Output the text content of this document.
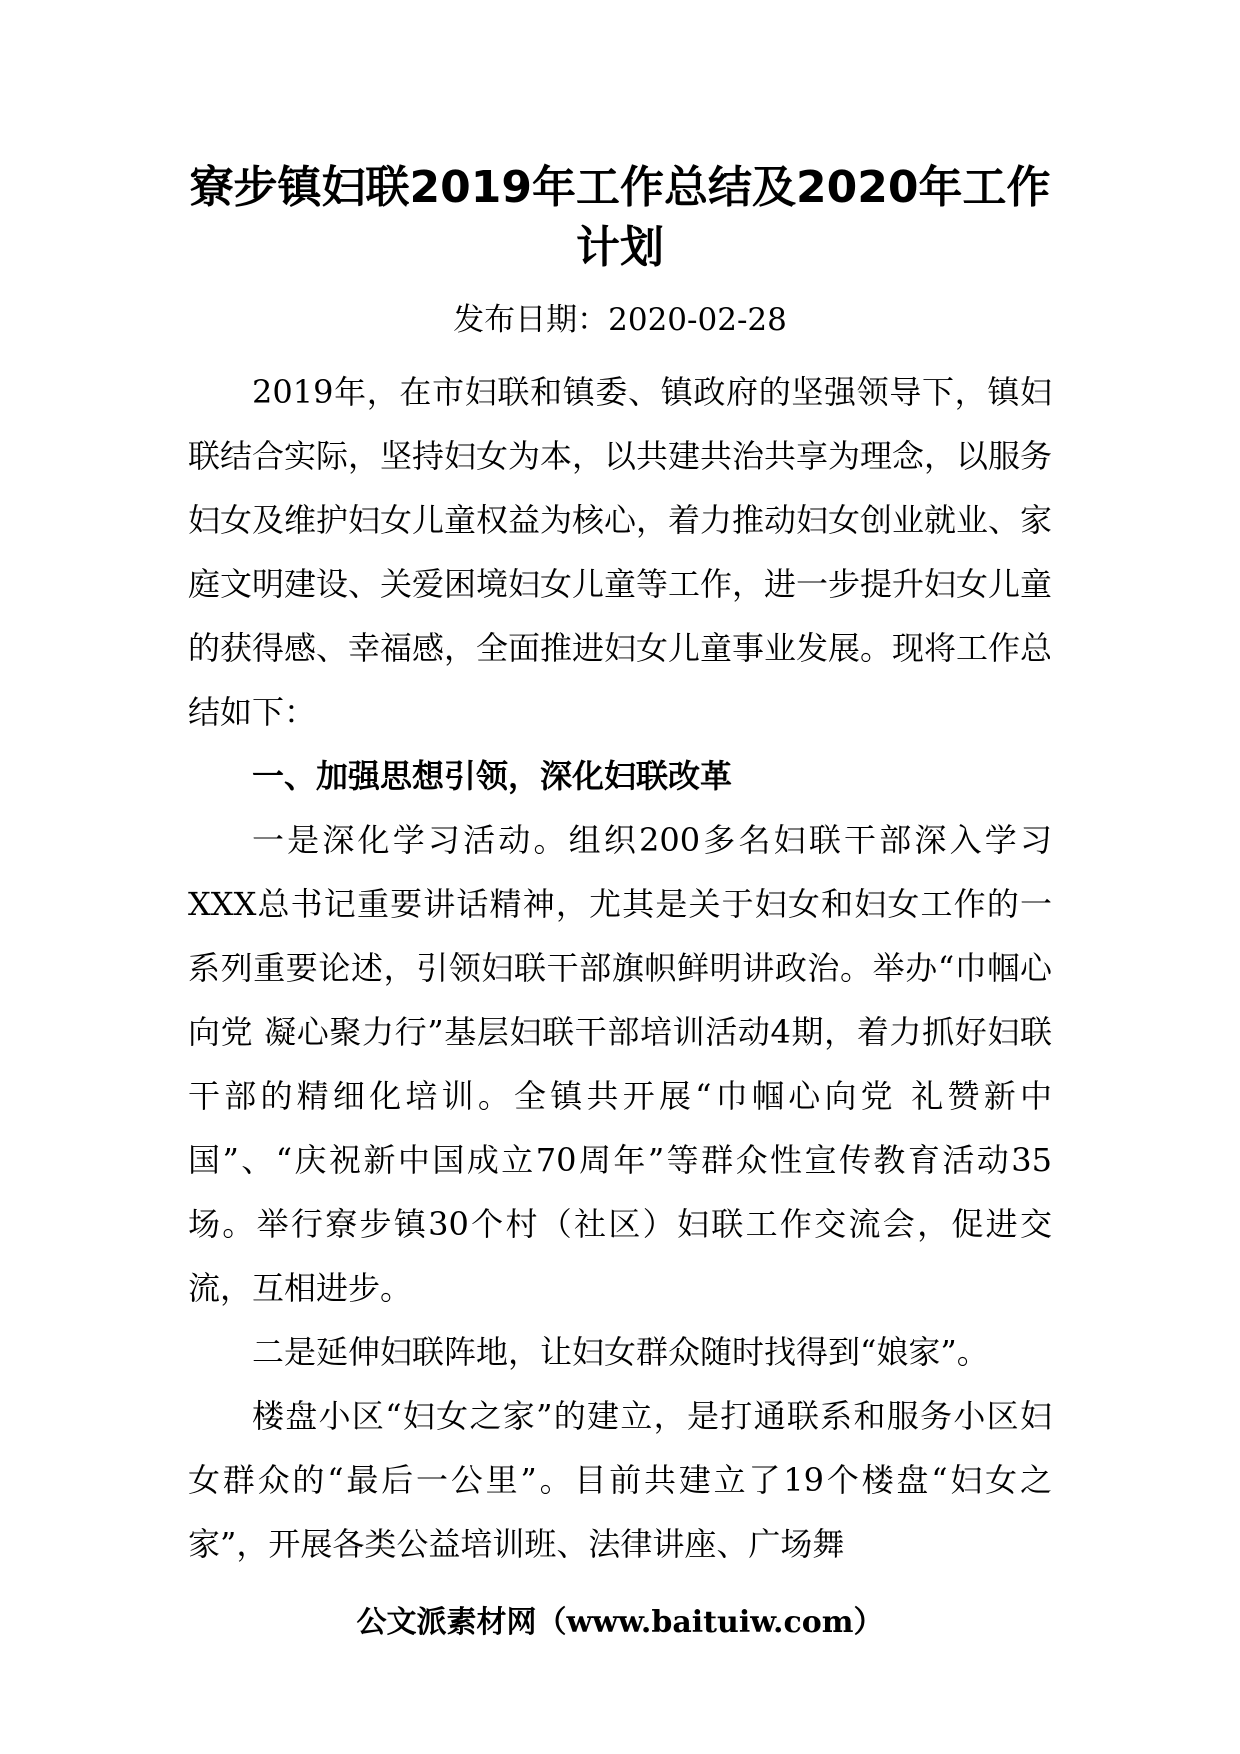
寮步镇妇联2019年工作总结及2020年工作计划
发布日期：2020-02-28

2019年，在市妇联和镇委、镇政府的坚强领导下，镇妇联结合实际，坚持妇女为本，以共建共治共享为理念，以服务妇女及维护妇女儿童权益为核心，着力推动妇女创业就业、家庭文明建设、关爱困境妇女儿童等工作，进一步提升妇女儿童的获得感、幸福感，全面推进妇女儿童事业发展。现将工作总结如下：

一、加强思想引领，深化妇联改革

一是深化学习活动。组织200多名妇联干部深入学习XXX总书记重要讲话精神，尤其是关于妇女和妇女工作的一系列重要论述，引领妇联干部旗帜鲜明讲政治。举办“巾帼心向党 凝心聚力行”基层妇联干部培训活动4期，着力抓好妇联干部的精细化培训。全镇共开展“巾帼心向党 礼赞新中国”、“庆祝新中国成立70周年”等群众性宣传教育活动35场。举行寮步镇30个村（社区）妇联工作交流会，促进交流，互相进步。

二是延伸妇联阵地，让妇女群众随时找得到“娘家”。

楼盘小区“妇女之家”的建立，是打通联系和服务小区妇女群众的“最后一公里”。目前共建立了19个楼盘“妇女之家”，开展各类公益培训班、法律讲座、广场舞

公文派素材网（www.baituiw.com）
